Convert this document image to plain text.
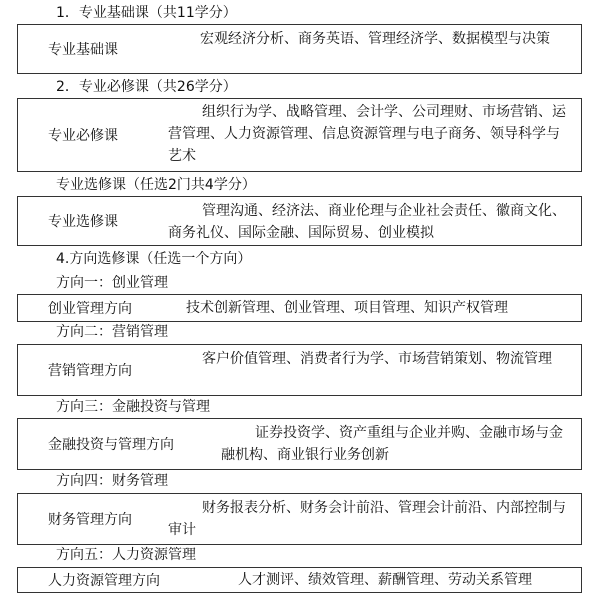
1．专业基础课（共11学分）
专业基础课
宏观经济分析、商务英语、管理经济学、数据模型与决策
2．专业必修课（共26学分）
专业必修课
组织行为学、战略管理、会计学、公司理财、市场营销、运营管理、人力资源管理、信息资源管理与电子商务、领导科学与艺术
专业选修课（任选2门共4学分）
专业选修课
管理沟通、经济法、商业伦理与企业社会责任、徽商文化、商务礼仪、国际金融、国际贸易、创业模拟
4.方向选修课（任选一个方向）
方向一：创业管理
创业管理方向	技术创新管理、创业管理、项目管理、知识产权管理
方向二：营销管理
营销管理方向
客户价值管理、消费者行为学、市场营销策划、物流管理
方向三：金融投资与管理
金融投资与管理方向
证券投资学、资产重组与企业并购、金融市场与金融机构、商业银行业务创新
方向四：财务管理
财务管理方向
财务报表分析、财务会计前沿、管理会计前沿、内部控制与审计
方向五：人力资源管理
人力资源管理方向	人才测评、绩效管理、薪酬管理、劳动关系管理
